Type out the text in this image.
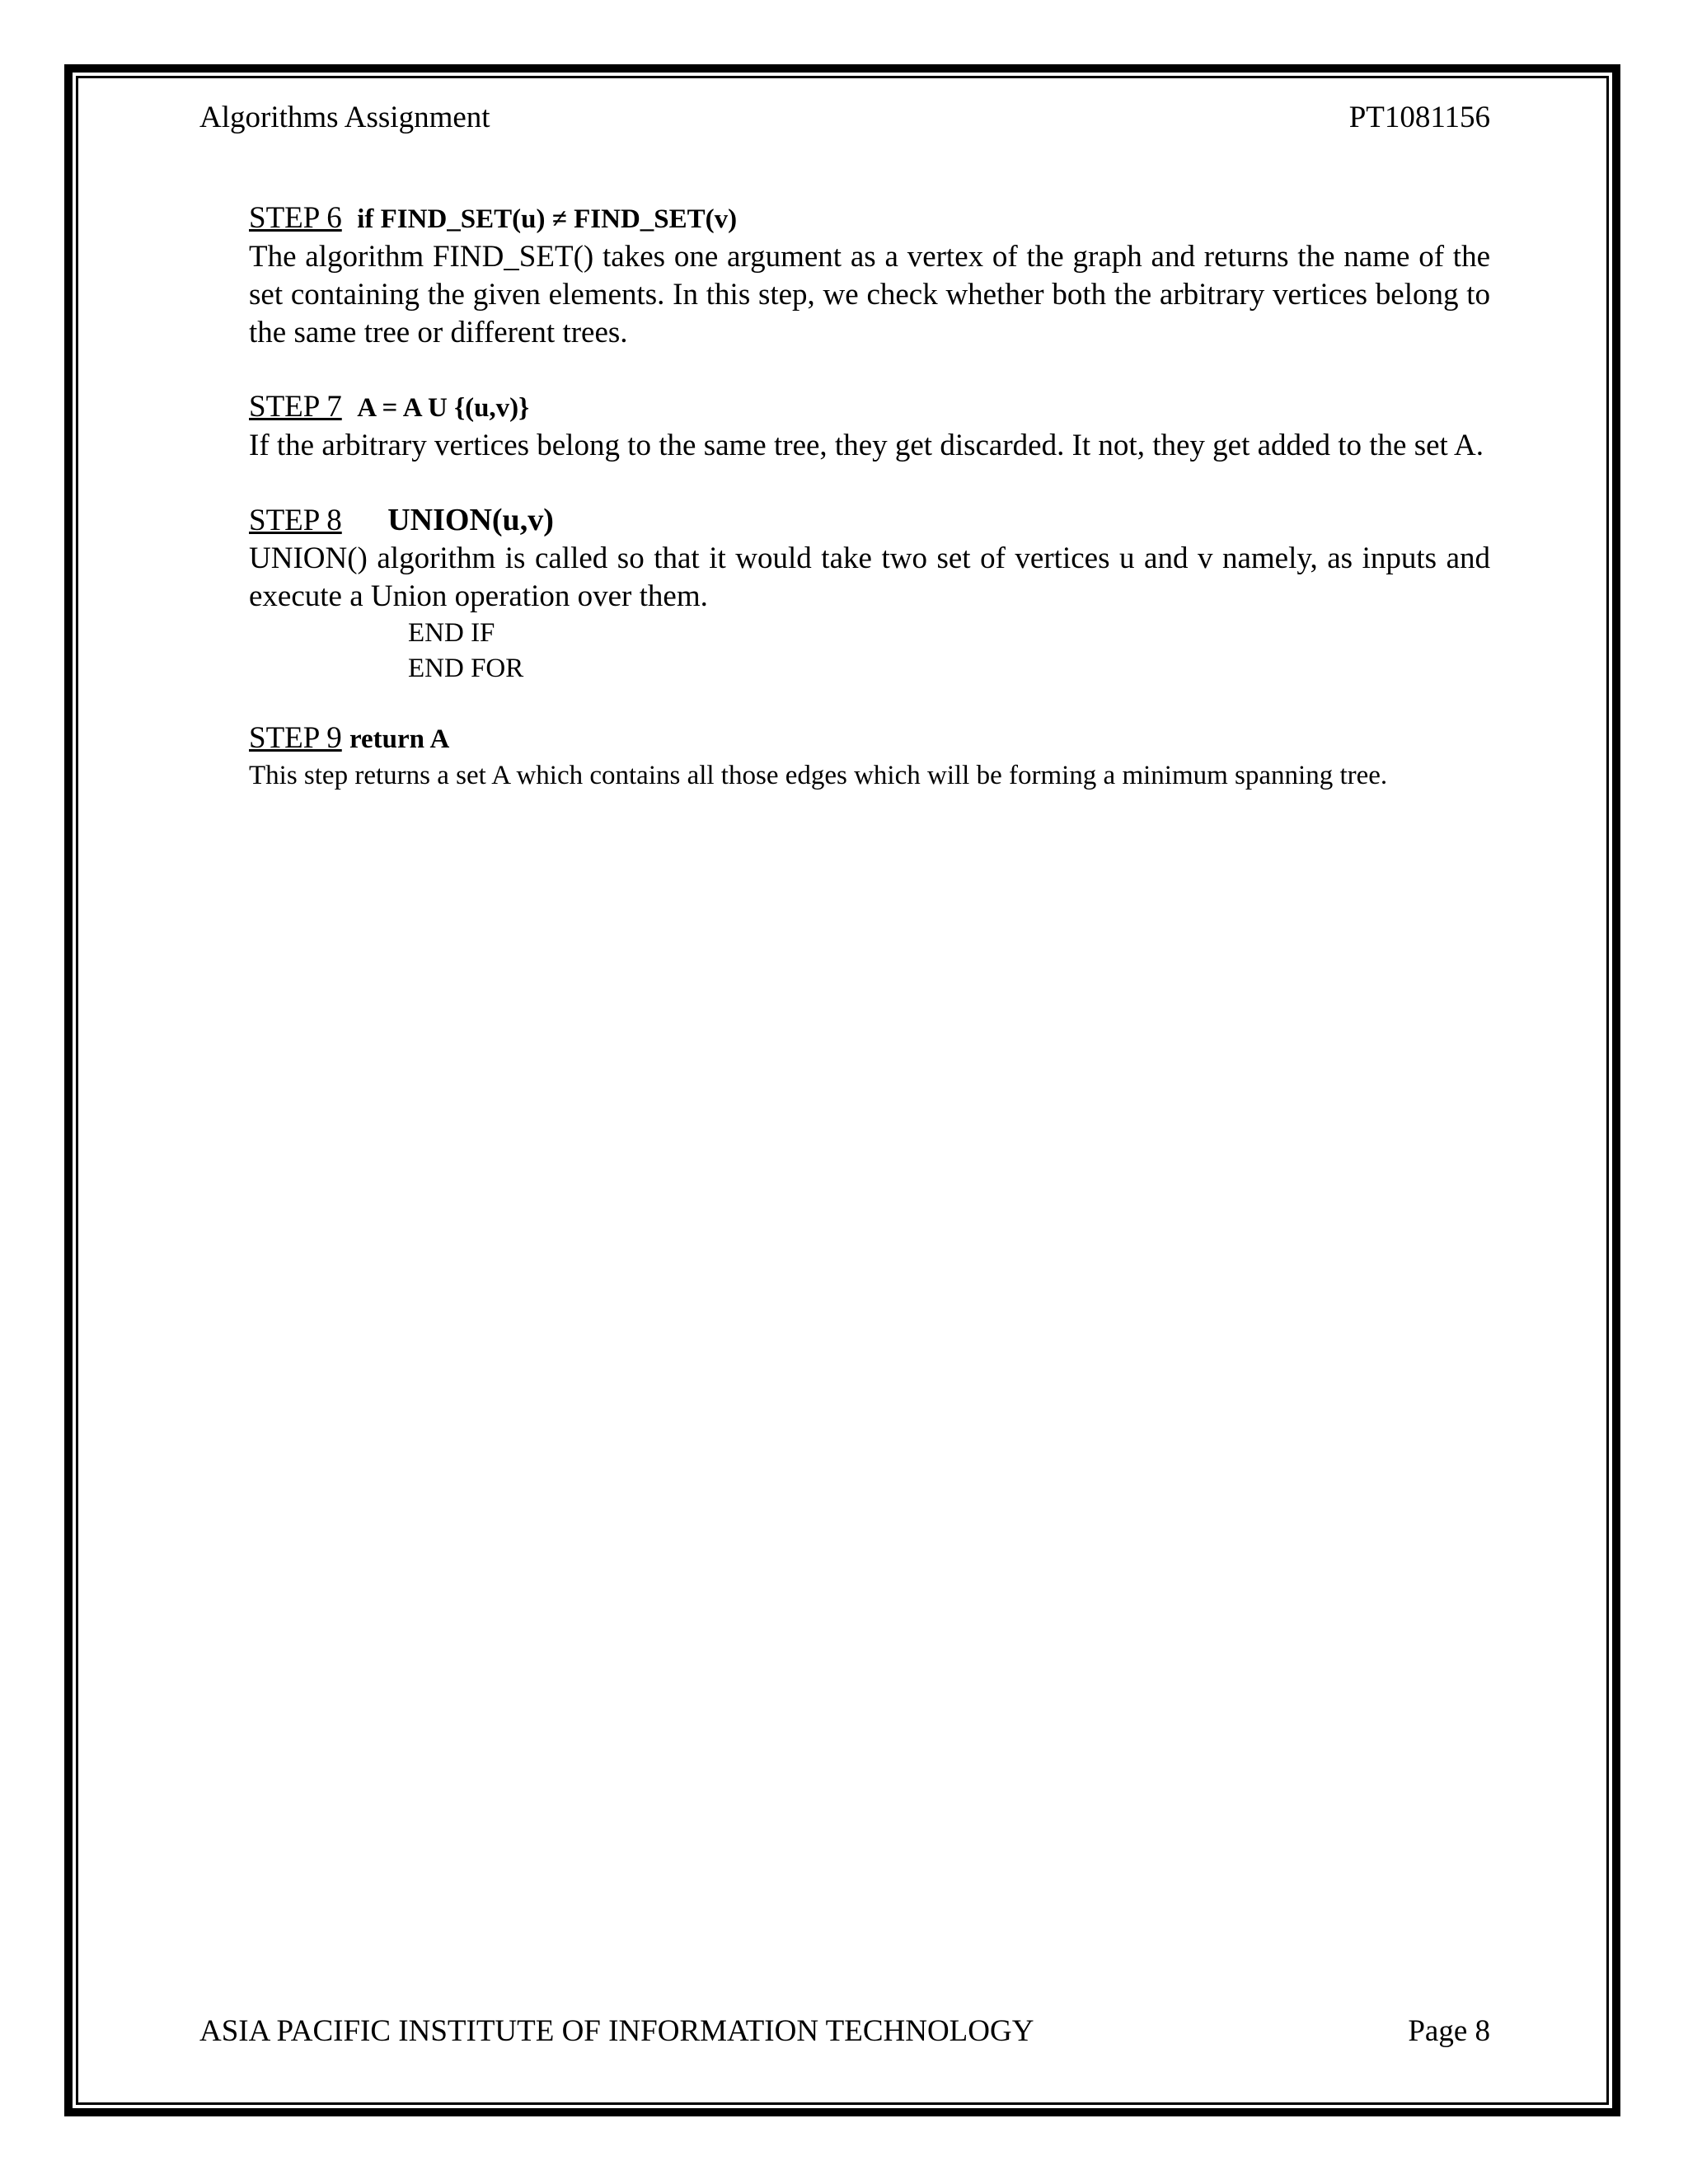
Algorithms Assignment	PT1081156
STEP 6 if FIND_SET(u) ≠ FIND_SET(v)

The algorithm FIND_SET() takes one argument as a vertex of the graph and returns the name of the set containing the given elements. In this step, we check whether both the arbitrary vertices belong to the same tree or different trees.

STEP 7 A = A U {(u,v)}

If the arbitrary vertices belong to the same tree, they get discarded. It not, they get added to the set A.

STEP 8 UNION(u,v)

UNION() algorithm is called so that it would take two set of vertices u and v namely, as inputs and execute a Union operation over them.

END IF
END FOR
STEP 9 return A

This step returns a set A which contains all those edges which will be forming a minimum spanning tree.

ASIA PACIFIC INSTITUTE OF INFORMATION TECHNOLOGY	Page 8
